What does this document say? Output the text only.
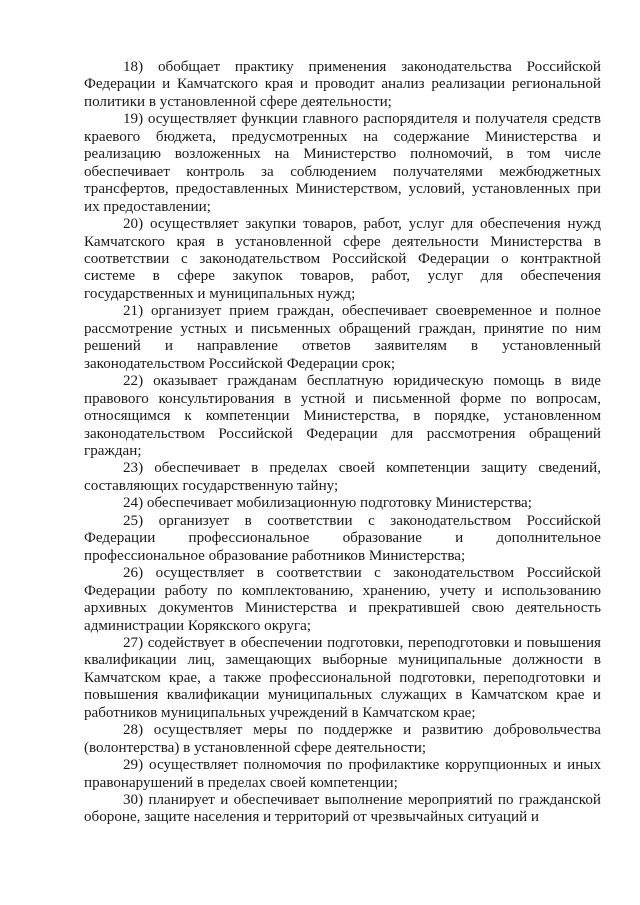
18) обобщает практику применения законодательства Российской Федерации и Камчатского края и проводит анализ реализации региональной политики в установленной сфере деятельности;

19) осуществляет функции главного распорядителя и получателя средств краевого бюджета, предусмотренных на содержание Министерства и реализацию возложенных на Министерство полномочий, в том числе обеспечивает контроль за соблюдением получателями межбюджетных трансфертов, предоставленных Министерством, условий, установленных при их предоставлении;

20) осуществляет закупки товаров, работ, услуг для обеспечения нужд Камчатского края в установленной сфере деятельности Министерства в соответствии с законодательством Российской Федерации о контрактной системе в сфере закупок товаров, работ, услуг для обеспечения государственных и муниципальных нужд;

21) организует прием граждан, обеспечивает своевременное и полное рассмотрение устных и письменных обращений граждан, принятие по ним решений и направление ответов заявителям в установленный законодательством Российской Федерации срок;

22) оказывает гражданам бесплатную юридическую помощь в виде правового консультирования в устной и письменной форме по вопросам, относящимся к компетенции Министерства, в порядке, установленном законодательством Российской Федерации для рассмотрения обращений граждан;

23) обеспечивает в пределах своей компетенции защиту сведений, составляющих государственную тайну;

24) обеспечивает мобилизационную подготовку Министерства;

25) организует в соответствии с законодательством Российской Федерации профессиональное образование и дополнительное профессиональное образование работников Министерства;

26) осуществляет в соответствии с законодательством Российской Федерации работу по комплектованию, хранению, учету и использованию архивных документов Министерства и прекратившей свою деятельность администрации Корякского округа;

27) содействует в обеспечении подготовки, переподготовки и повышения квалификации лиц, замещающих выборные муниципальные должности в Камчатском крае, а также профессиональной подготовки, переподготовки и повышения квалификации муниципальных служащих в Камчатском крае и работников муниципальных учреждений в Камчатском крае;

28) осуществляет меры по поддержке и развитию добровольчества (волонтерства) в установленной сфере деятельности;

29) осуществляет полномочия по профилактике коррупционных и иных правонарушений в пределах своей компетенции;

30) планирует и обеспечивает выполнение мероприятий по гражданской обороне, защите населения и территорий от чрезвычайных ситуаций и
